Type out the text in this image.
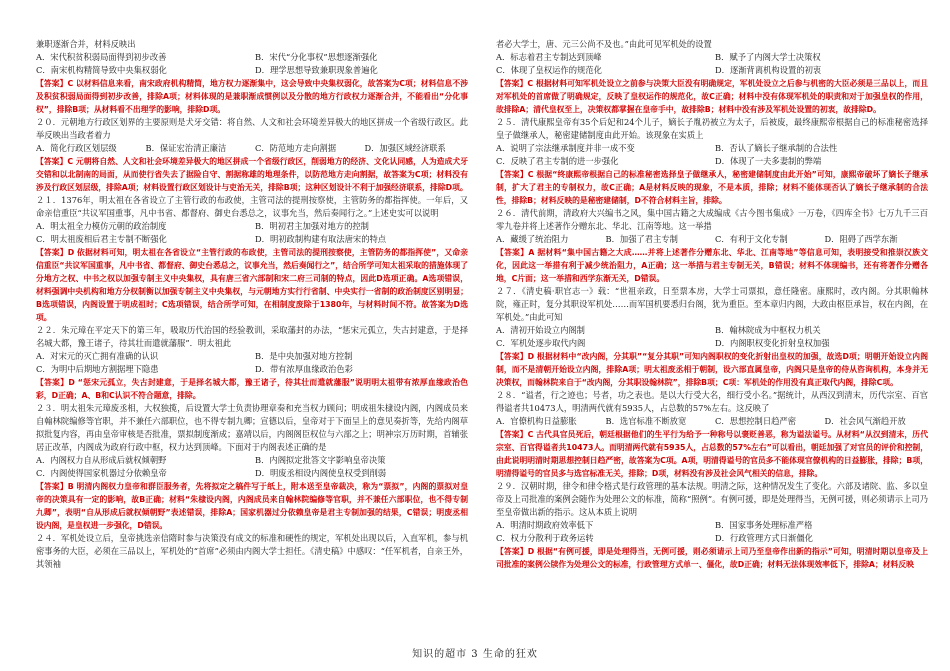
兼职逐渐合并，材料反映出

A．宋代积贫积弱局面得到初步改善	B．宋代“分化事权”思想逐渐强化
C．南宋机构精简导致中央集权弱化	D．理学思想导致兼职现象普遍化

【答案】C 以材料信息来看，南宋政府机构精简，地方权力逐渐集中，这会导致中央集权弱化，故答案为C项；材料信息不涉及积贫积弱局面得到初步改善，排除A项；材料体现的是兼职渐成惯例以及分散的地方行政权力逐渐合并，不能看出“分化事权”，排除B项；从材料看不出理学的影响，排除D项。

２０．元朝地方行政区划界的主要原则是犬牙交错：将自然、人文和社会环境差异极大的地区拼成一个省级行政区。此举反映出当政者着力

A．简化行政区划层级	B．保证宏治清正廉洁	C．防范地方走向割据	D．加强区域经济联系

【答案】C 元朝将自然、人文和社会环境差异极大的地区拼成一个省级行政区，削弱地方的经济、文化认同感，人为造成犬牙交错和以北制南的局面，从而使行省失去了据险自守、割据称雄的地理条件，以防范地方走向割据，故答案为C项；材料没有涉及行政区划层级，排除A项；材料设置行政区划设计与吏治无关，排除B项；这种区划设计不利于加强经济联系，排除D项。

２１．1376年，明太祖在各省设立了主管行政的布政使，主管司法的提刑按察使，主管防务的都指挥使。一年后，又命亲信重臣“共议军国重事，凡中书省、都督府、御史台悉总之，议事允当，然后奏闻行之。”上述史实可以说明

A．明太祖全力模仿元朝的政治制度	B．明初君主加强对地方的控制
C．明太祖废相后君主专制不断强化	D．明初政制构建有取法唐宋的特点

【答案】D 依据材料可知，明太祖在各省设立“主管行政的布政使，主管司法的提刑按察使，主管防务的都指挥使”，又命亲信重臣“共议军国重事，凡中书省、都督府、御史台悉总之，议事允当，然后奏闻行之”，结合所学可知太祖采取的措施体现了分地方之权、中书之权以加强专制主义中央集权，具有唐三省六部制和宋二府三司制的特点，因此D选项正确。A选项错误，材料强调中央机构和地方分权制衡以加强专制主义中央集权，与元朝地方实行行省制、中央实行一省制的政治制度区别明显；B选项错误，内阁设置于明成祖时；C选项错误，结合所学可知，在相制度废除于1380年，与材料时间不符。故答案为D选项。

２２．朱元璋在平定天下的第三年，吸取历代治国的经验教训，采取藩封的办法，“惩宋元孤立，失古封建意，于是择名城大都，豫王诸子，待其壮而遣就藩服”．明太祖此

A．对宋元的灭亡拥有准确的认识	B．是中央加强对地方控制
C．为明中后期地方割据埋下隐患	D．带有浓厚血缘政治色彩

【答案】D “惩宋元孤立，失古封建意，于是择名城大都，豫王诸子，待其壮而遣就藩服”说明明太祖带有浓厚血缘政治色彩，D正确；A、B和C认识不符合题意，排除。

２３．明太祖朱元璋废丞相，大权独揽，后设置大学士负责协理章奏和充当权力顾问；明成祖朱棣设内阁，内阁成员来自翰林院编修等官职，并不兼任六部职位，也不得专制九卿；宣德以后，皇帝对于下面呈上的意见奏折等，先给内阁草拟批复内容，再由皇帝审核是否批准，票拟制度渐成；嘉靖以后，内阁阁臣权位与六部之上；明神宗万历时期，首辅张居正改革，内阁成为政府行政中枢，权力达到顶峰。下面对于内阁表述正确的是

A．内阁权力自从形成后就权倾朝野	B．内阁拟定批答文字影响皇帝决策
C．内阁使得国家机器过分依赖皇帝	D．明废丞相设内阁使皇权受到削弱

【答案】B 明清内阁权力皇帝和群臣服务者，先将拟定之稿件写于纸上，附本送至皇帝裁决，称为“票拟”，内阁的票拟对皇帝的决策具有一定的影响，故B正确；材料“朱棣设内阁，内阁成员来自翰林院编修等官职，并不兼任六部职位，也不得专制九卿”，表明“自从形成后就权倾朝野”表述错误，排除A；国家机器过分依赖皇帝是君主专制加强的结果，C错误；明废丞相设内阁，是皇权进一步强化，D错误。

２４．军机处设立后，皇帝挑选亲信隋时参与决策没有成文的标准和硬性的规定，军机处出现以后，入直军机，参与机密事务的大臣，必须在三品以上，军机处的“首席”必须由内阁大学士担任。《清史稿》中感叹：“任军机者，自亲王外，其领袖

者必大学士，唐、元三公尚不及也。”由此可见军机处的设置

A．标志着君主专制达到顶峰	B．赋予了内阁大学士决策权
C．体现了皇权运作的规范化	D．逐渐背离机构设置的初衷

【答案】C 根据材料可知军机处设立之前参与决策大臣没有明确规定，军机处设立之后参与机密的大臣必须是三品以上，而且对军机处的首席做了明确规定，反映了皇权运作的规范化，故C正确；材料中没有体现军机处的职责和对于加强皇权的作用，故排除A；清代皇权至上，决策权都掌握在皇帝手中，故排除B；材料中没有涉及军机处设置的初衷，故排除D。

２５．清代康熙皇帝有35个后妃和24个儿子，嫡长子胤礽被立为太子，后被废，最终康熙帝根据自己的标准秘密选择皇子做继承人，秘密建储制度由此开始。该现象在实质上

A．说明了宗法继承制度并非一成不变	B．否认了嫡长子继承制的合法性
C．反映了君主专制的进一步强化	D．体现了一夫多妻制的弊端

【答案】C 根据“终康熙帝根据自己的标准秘密选择皇子做继承人，秘密建储制度由此开始”可知，康熙帝破坏了嫡长子继承制，扩大了君主的专制权力，故C正确；A是材料反映的现象，不是本质，排除；材料不能体现否认了嫡长子继承制的合法性，排除B；材料反映的是秘密建储制，D不符合材料主旨，排除。

２６．清代前期，清政府大兴编书之风，集中国古籍之大成编成《古今图书集成》一万卷，《四库全书》七万九千三百零九卷并将上述著作分赠东北、华北、江南等地。这一举措

A．藏缓了统治阻力	B．加强了君主专制	C．有利于文化专制	D．阻碍了西学东渐

【答案】A 据材料“集中国古籍之大成……并将上述著作分赠东北、华北、江南等地”等信息可知，表明接受和推崇汉族文化，因此这一举措有利于减少统治阻力，A正确；这一举措与君主专制无关，B错误；材料不体现编书，还有将著作分赠各地，C片面；这一举措和西学东渐无关，D错误。

２７．《清史稿·职官志一》载：“世祖亲政，日至票本房，大学士司票拟，意任隆密。康熙时，改内阁。分其职翰林院，雍正时，复分其职设军机处……而军国机要悉归台阁，犹为重臣。至本章归内阁，大政由枢臣承旨，权在内阁，在军机处。”由此可知

A．清初开始设立内阁制	B．翰林院成为中枢权力机关
C．军机处逐步取代内阁	D．内阁职权变化折射皇权加强

【答案】D 根据材料中“改内阁，分其职”“复分其职”可知内阁职权的变化折射出皇权的加强，故选D项；明朝开始设立内阁制，而不是清朝开始设立内阁，排除A项；明太祖废丞相于朝制，设六部直属皇帝，内阁只是皇帝的侍从咨询机构，本身并无决策权，而翰林院来自于“改内阁，分其职设翰林院”，排除B项；C项：军机处的作用没有真正取代内阁，排除C项。

２８．“谥者，行之迹也；号者，功之表也。是以大行受大名，细行受小名。”据统计，从西汉到清末，历代宗室、百官得谥者共10473人，明清两代就有5935人，占总数的57%左右。这反映了

A．官僚机构日益膨胀	B．选官标准不断放宽	C．思想控制日趋严密	D．社会风气渐趋开放

【答案】C 古代具官员死后，朝廷根据他们的生平行为给予一种称号以褒贬善恶，称为谥法谥号。从材料“从汉到清末，历代宗室、百官得谥者共10473人。而明清两代就有5935人，占总数的57%左右”可以看出，朝廷加强了对官员的评价和控制，由此说明明清时期思想控制日趋严密，故答案为C项。A项，明清得谥号的官员多不能体现官僚机构的日益膨胀，排除；B项，明清得谥号的官员多与选官标准无关，排除；D项，材料没有涉及社会风气相关的信息，排除。

２９．汉朝时期，律令和律令格式是行政管理的基本法规。明清之际，这种情况发生了变化。六部及诸院、监、多以皇帝及上司批准的案例会随作为处理公文的标准，简称“照例”。有例可援，即是处理得当，无例可援，则必须请示上司乃至皇帝做出新的指示。这从本质上说明

A．明清时期政府效率低下	B．国家事务处理标准严格
C．权力分散利于政务运转	D．行政管理方式日渐僵化

【答案】D 根据“有例可援，即是处理得当，无例可援，则必须请示上司乃至皇帝作出新的指示”可知，明清时期以皇帝及上司批准的案例公牍作为处理公文的标准，行政管理方式单一、僵化，故D正确；材料无法体现效率低下，排除A；材料反映

知识的超市 3 生命的狂欢
